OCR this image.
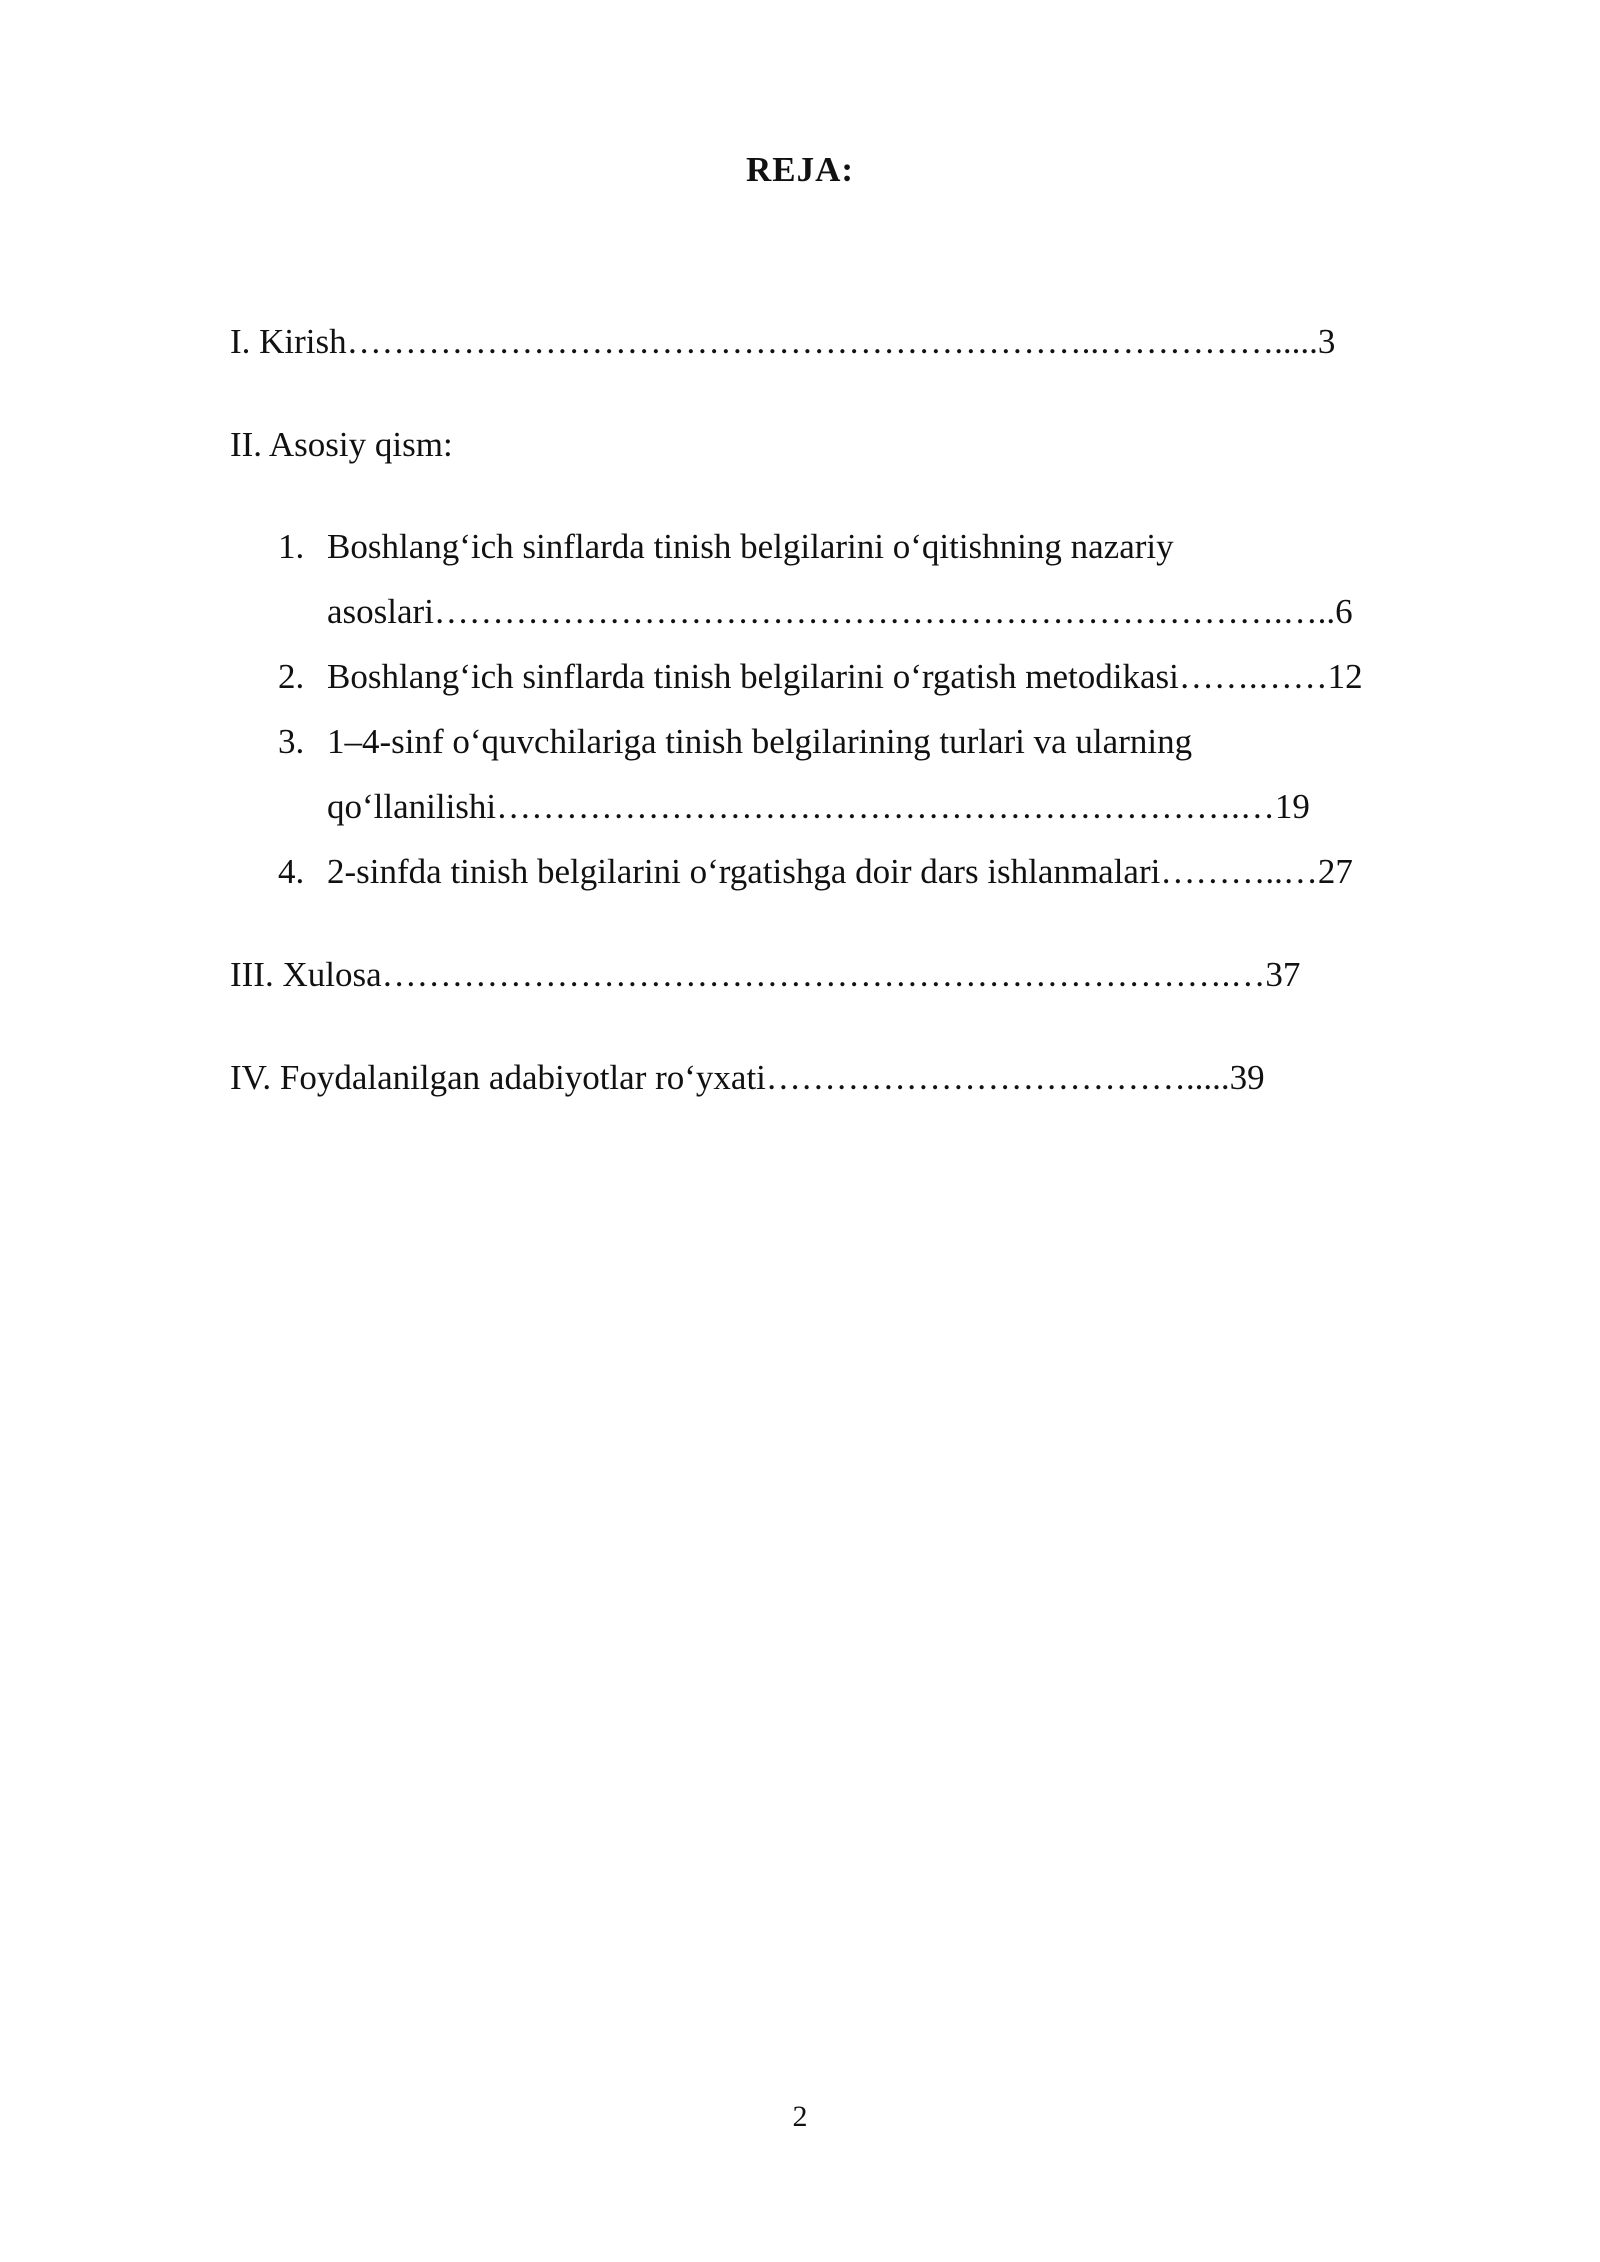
REJA:
I. Kirish………………………………………………………..…………….....3
II. Asosiy qism:
1. Boshlang‘ich sinflarda tinish belgilarini o‘qitishning nazariy
asoslari……………………………………………………………….…..6
2. Boshlang‘ich sinflarda tinish belgilarini o‘rgatish metodikasi…….……12
3. 1–4-sinf o‘quvchilariga tinish belgilarining turlari va ularning
qo‘llanilishi……………………………………………………….…19
4. 2-sinfda tinish belgilarini o‘rgatishga doir dars ishlanmalari………..…27
III. Xulosa……………………………………………………………….…37
IV. Foydalanilgan adabiyotlar ro‘yxati……………………………….....39
2
